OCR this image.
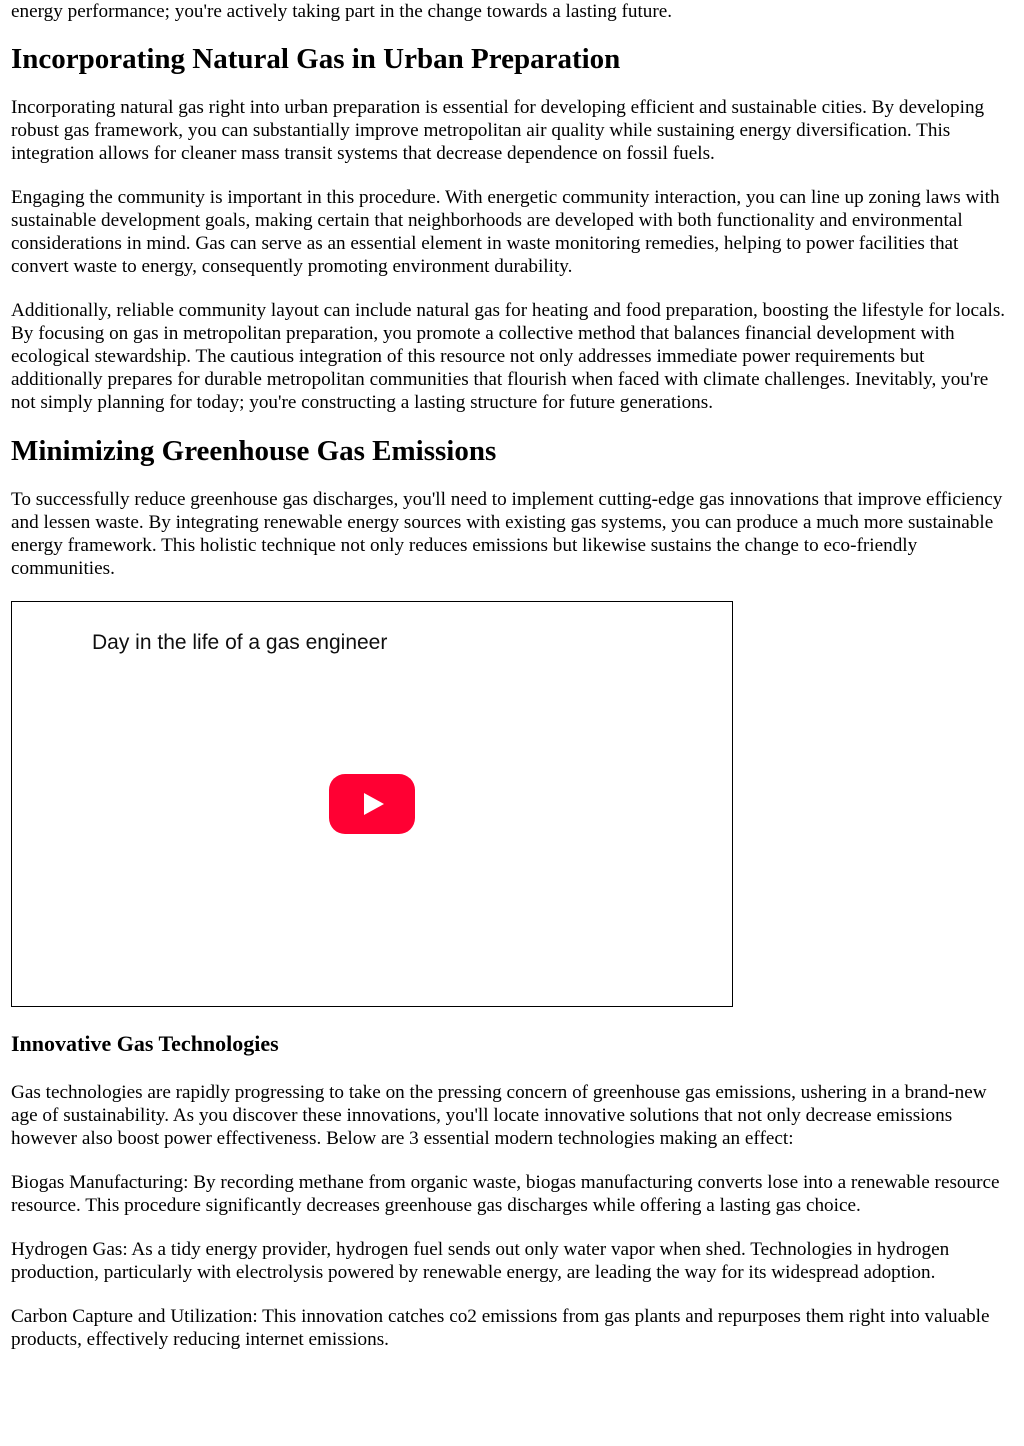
energy performance; you're actively taking part in the change towards a lasting future.

Incorporating Natural Gas in Urban Preparation

Incorporating natural gas right into urban preparation is essential for developing efficient and sustainable cities. By developing robust gas framework, you can substantially improve metropolitan air quality while sustaining energy diversification. This integration allows for cleaner mass transit systems that decrease dependence on fossil fuels.

Engaging the community is important in this procedure. With energetic community interaction, you can line up zoning laws with sustainable development goals, making certain that neighborhoods are developed with both functionality and environmental considerations in mind. Gas can serve as an essential element in waste monitoring remedies, helping to power facilities that convert waste to energy, consequently promoting environment durability.

Additionally, reliable community layout can include natural gas for heating and food preparation, boosting the lifestyle for locals. By focusing on gas in metropolitan preparation, you promote a collective method that balances financial development with ecological stewardship. The cautious integration of this resource not only addresses immediate power requirements but additionally prepares for durable metropolitan communities that flourish when faced with climate challenges. Inevitably, you're not simply planning for today; you're constructing a lasting structure for future generations.

Minimizing Greenhouse Gas Emissions

To successfully reduce greenhouse gas discharges, you'll need to implement cutting-edge gas innovations that improve efficiency and lessen waste. By integrating renewable energy sources with existing gas systems, you can produce a much more sustainable energy framework. This holistic technique not only reduces emissions but likewise sustains the change to eco-friendly communities.

Day in the life of a gas engineer
Innovative Gas Technologies

Gas technologies are rapidly progressing to take on the pressing concern of greenhouse gas emissions, ushering in a brand-new age of sustainability. As you discover these innovations, you'll locate innovative solutions that not only decrease emissions however also boost power effectiveness. Below are 3 essential modern technologies making an effect:

Biogas Manufacturing: By recording methane from organic waste, biogas manufacturing converts lose into a renewable resource resource. This procedure significantly decreases greenhouse gas discharges while offering a lasting gas choice.

Hydrogen Gas: As a tidy energy provider, hydrogen fuel sends out only water vapor when shed. Technologies in hydrogen production, particularly with electrolysis powered by renewable energy, are leading the way for its widespread adoption.

Carbon Capture and Utilization: This innovation catches co2 emissions from gas plants and repurposes them right into valuable products, effectively reducing internet emissions.
